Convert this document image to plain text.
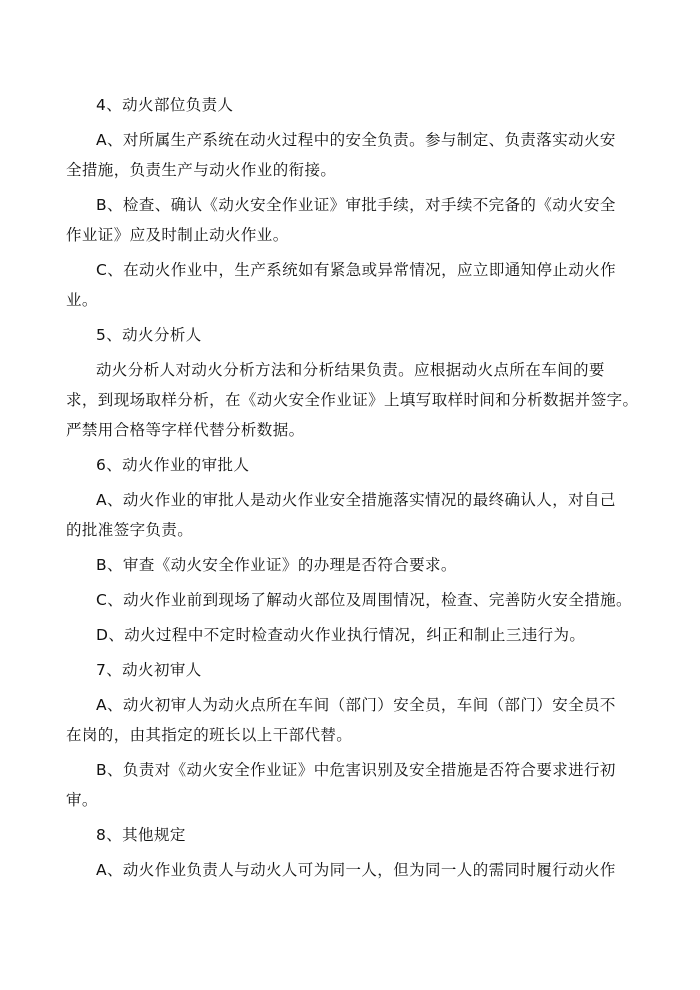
4、动火部位负责人
A、对所属生产系统在动火过程中的安全负责。参与制定、负责落实动火安
全措施，负责生产与动火作业的衔接。
B、检查、确认《动火安全作业证》审批手续，对手续不完备的《动火安全
作业证》应及时制止动火作业。
C、在动火作业中，生产系统如有紧急或异常情况，应立即通知停止动火作
业。
5、动火分析人
动火分析人对动火分析方法和分析结果负责。应根据动火点所在车间的要
求，到现场取样分析，在《动火安全作业证》上填写取样时间和分析数据并签字。
严禁用合格等字样代替分析数据。
6、动火作业的审批人
A、动火作业的审批人是动火作业安全措施落实情况的最终确认人，对自己
的批准签字负责。
B、审查《动火安全作业证》的办理是否符合要求。
C、动火作业前到现场了解动火部位及周围情况，检查、完善防火安全措施。
D、动火过程中不定时检查动火作业执行情况，纠正和制止三违行为。
7、动火初审人
A、动火初审人为动火点所在车间（部门）安全员，车间（部门）安全员不
在岗的，由其指定的班长以上干部代替。
B、负责对《动火安全作业证》中危害识别及安全措施是否符合要求进行初
审。
8、其他规定
A、动火作业负责人与动火人可为同一人，但为同一人的需同时履行动火作
